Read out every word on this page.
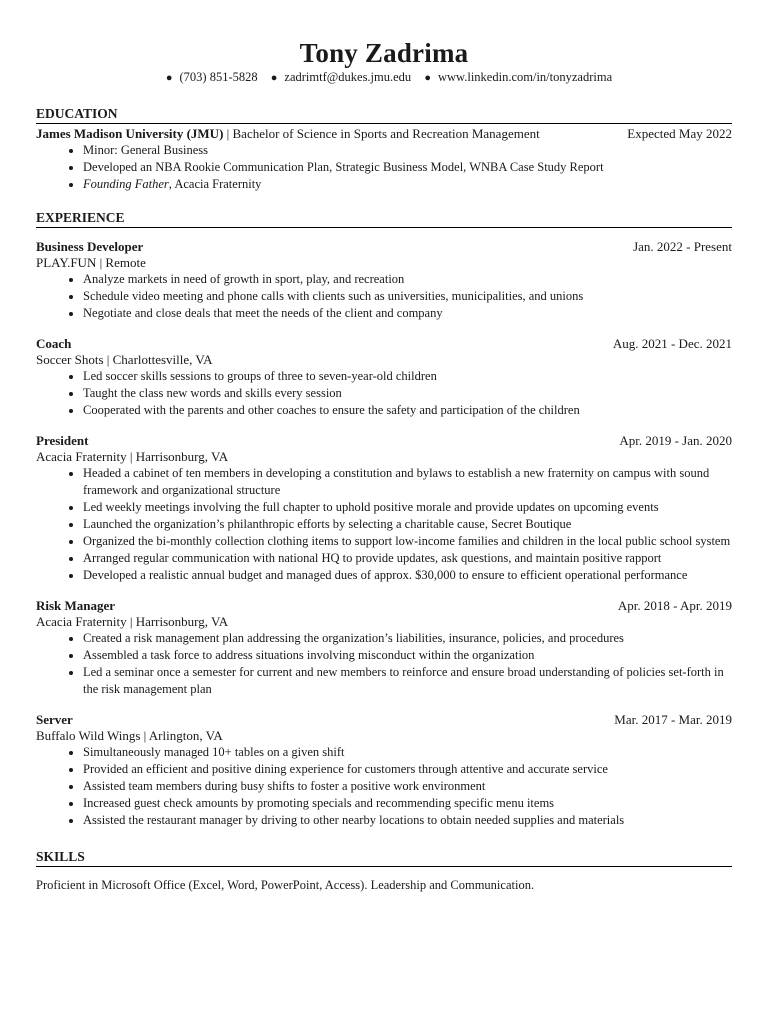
Tony Zadrima
● (703) 851-5828 ● zadrimtf@dukes.jmu.edu ● www.linkedin.com/in/tonyzadrima
EDUCATION
James Madison University (JMU) | Bachelor of Science in Sports and Recreation Management	Expected May 2022
• Minor: General Business
• Developed an NBA Rookie Communication Plan, Strategic Business Model, WNBA Case Study Report
• Founding Father, Acacia Fraternity
EXPERIENCE
Business Developer	Jan. 2022 - Present
PLAY.FUN | Remote
• Analyze markets in need of growth in sport, play, and recreation
• Schedule video meeting and phone calls with clients such as universities, municipalities, and unions
• Negotiate and close deals that meet the needs of the client and company
Coach	Aug. 2021 - Dec. 2021
Soccer Shots | Charlottesville, VA
• Led soccer skills sessions to groups of three to seven-year-old children
• Taught the class new words and skills every session
• Cooperated with the parents and other coaches to ensure the safety and participation of the children
President	Apr. 2019 - Jan. 2020
Acacia Fraternity | Harrisonburg, VA
• Headed a cabinet of ten members in developing a constitution and bylaws to establish a new fraternity on campus with sound framework and organizational structure
• Led weekly meetings involving the full chapter to uphold positive morale and provide updates on upcoming events
• Launched the organization’s philanthropic efforts by selecting a charitable cause, Secret Boutique
• Organized the bi-monthly collection clothing items to support low-income families and children in the local public school system
• Arranged regular communication with national HQ to provide updates, ask questions, and maintain positive rapport
• Developed a realistic annual budget and managed dues of approx. $30,000 to ensure to efficient operational performance
Risk Manager	Apr. 2018 - Apr. 2019
Acacia Fraternity | Harrisonburg, VA
• Created a risk management plan addressing the organization’s liabilities, insurance, policies, and procedures
• Assembled a task force to address situations involving misconduct within the organization
• Led a seminar once a semester for current and new members to reinforce and ensure broad understanding of policies set-forth in the risk management plan
Server	Mar. 2017 - Mar. 2019
Buffalo Wild Wings | Arlington, VA
• Simultaneously managed 10+ tables on a given shift
• Provided an efficient and positive dining experience for customers through attentive and accurate service
• Assisted team members during busy shifts to foster a positive work environment
• Increased guest check amounts by promoting specials and recommending specific menu items
• Assisted the restaurant manager by driving to other nearby locations to obtain needed supplies and materials
SKILLS
Proficient in Microsoft Office (Excel, Word, PowerPoint, Access). Leadership and Communication.
